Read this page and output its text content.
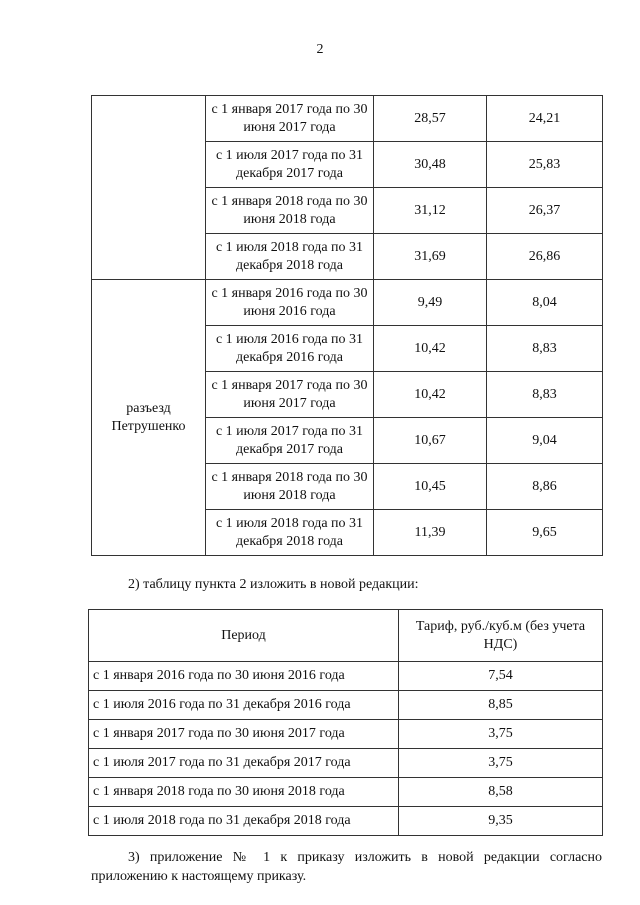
2
	с 1 января 2017 года по 30 июня 2017 года	28,57	24,21
	с 1 июля 2017 года по 31 декабря 2017 года	30,48	25,83
	с 1 января 2018 года по 30 июня 2018 года	31,12	26,37
	с 1 июля 2018 года по 31 декабря 2018 года	31,69	26,86
разъезд Петрушенко	с 1 января 2016 года по 30 июня 2016 года	9,49	8,04
	с 1 июля 2016 года по 31 декабря 2016 года	10,42	8,83
	с 1 января 2017 года по 30 июня 2017 года	10,42	8,83
	с 1 июля 2017 года по 31 декабря 2017 года	10,67	9,04
	с 1 января 2018 года по 30 июня 2018 года	10,45	8,86
	с 1 июля 2018 года по 31 декабря 2018 года	11,39	9,65
2) таблицу пункта 2 изложить в новой редакции:
Период	Тариф, руб./куб.м (без учета НДС)
с 1 января 2016 года по 30 июня 2016 года	7,54
с 1 июля 2016 года по 31 декабря 2016 года	8,85
с 1 января 2017 года по 30 июня 2017 года	3,75
с 1 июля 2017 года по 31 декабря 2017 года	3,75
с 1 января 2018 года по 30 июня 2018 года	8,58
с 1 июля 2018 года по 31 декабря 2018 года	9,35
3) приложение № 1 к приказу изложить в новой редакции согласно приложению к настоящему приказу.
